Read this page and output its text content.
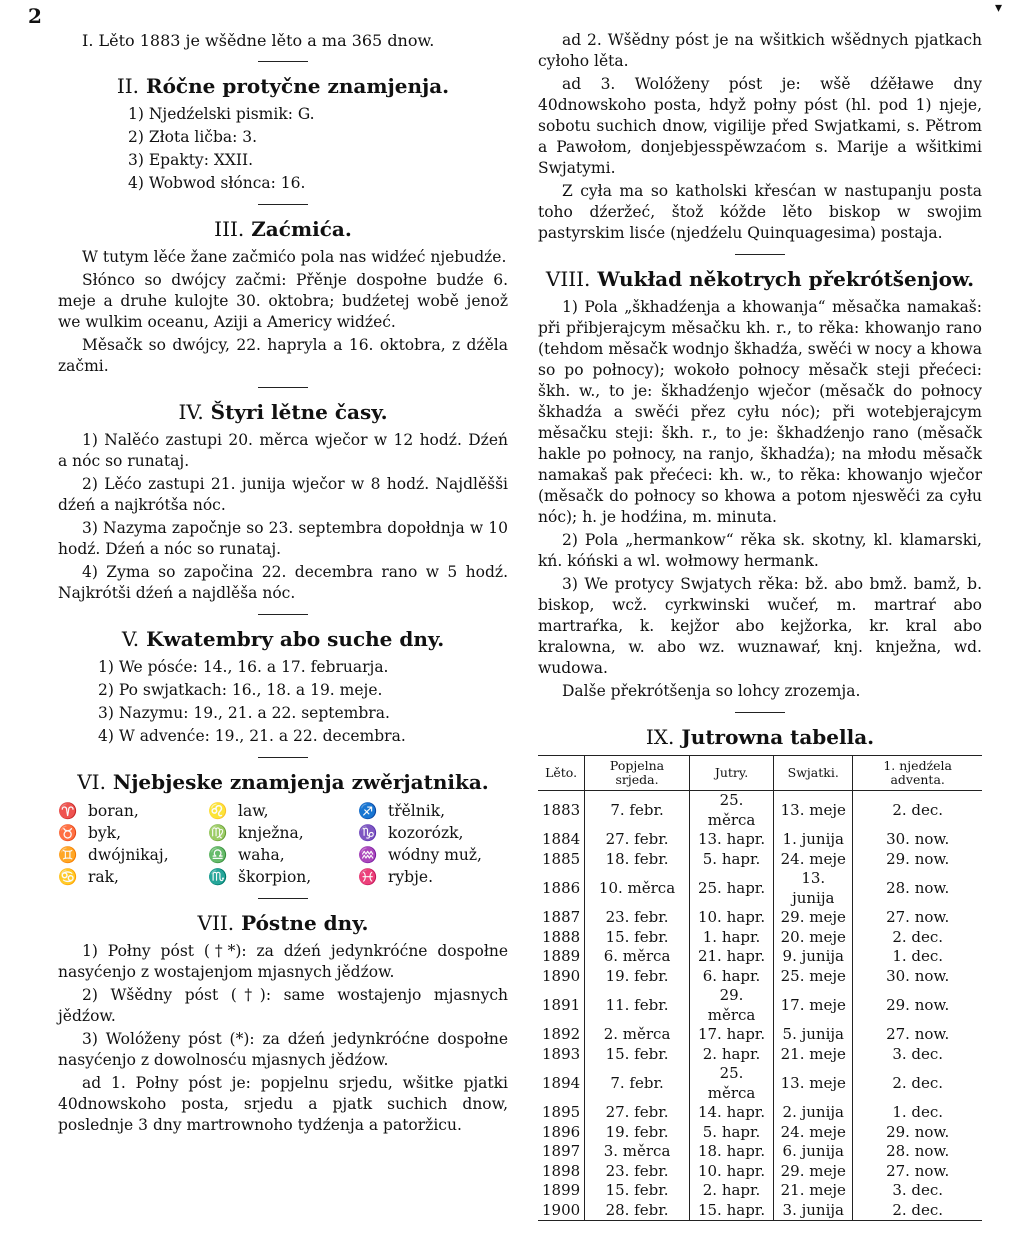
2	▾

I. Lěto 1883 je wšědne lěto a ma 365 dnow.

II. Róčne protyčne znamjenja.

1) Njedźelski pismik: G.

2) Złota ličba: 3.

3) Epakty: XXII.

4) Wobwod słónca: 16.

III. Zaćmića.

W tutym lěće žane začmićo pola nas widźeć njebudźe.

Słónco so dwójcy začmi: Přěnje dospołne budźe 6. meje a druhe kulojte 30. oktobra; budźetej wobě jenož we wulkim oceanu, Aziji a Americy widźeć.

Měsačk so dwójcy, 22. hapryla a 16. oktobra, z dźěla začmi.

IV. Štyri lětne časy.

1) Nalěćo zastupi 20. měrca wječor w 12 hodź. Dźeń a nóc so runataj.

2) Lěćo zastupi 21. junija wječor w 8 hodź. Najdlěšši dźeń a najkrótša nóc.

3) Nazyma započnje so 23. septembra dopołdnja w 10 hodź. Dźeń a nóc so runataj.

4) Zyma so započina 22. decembra rano w 5 hodź. Najkrótši dźeń a najdlěša nóc.

V. Kwatembry abo suche dny.

1) We pósće: 14., 16. a 17. februarja.

2) Po swjatkach: 16., 18. a 19. meje.

3) Nazymu: 19., 21. a 22. septembra.

4) W advenće: 19., 21. a 22. decembra.

VI. Njebjeske znamjenja zwěrjatnika.
♈ boran,	♌ law,	♐ třělnik,
♉ byk,	♍ knježna,	♑ kozorózk,
♊ dwójnikaj,	♎ waha,	♒ wódny muž,
♋ rak,	♏ škorpion,	♓ rybje.
VII. Póstne dny.

1) Połny póst (†*): za dźeń jedynkróćne dospołne nasyćenjo z wostajenjom mjasnych jědźow.

2) Wšědny póst (†): same wostajenjo mjasnych jědźow.

3) Wolóženy póst (*): za dźeń jedynkróćne dospołne nasyćenjo z dowolnosću mjasnych jědźow.

ad 1. Połny póst je: popjelnu srjedu, wšitke pjatki 40dnowskoho posta, srjedu a pjatk suchich dnow, poslednje 3 dny martrownoho tydźenja a patoržicu.

ad 2. Wšědny póst je na wšitkich wšědnych pjatkach cyłoho lěta.

ad 3. Wolóženy póst je: wšě dźěławe dny 40dnowskoho posta, hdyž połny póst (hl. pod 1) njeje, sobotu suchich dnow, vigilije před Swjatkami, s. Pětrom a Pawołom, donjebjesspěwzaćom s. Marije a wšitkimi Swjatymi.

Z cyła ma so katholski křesćan w nastupanju posta toho dźeržeć, štož kóžde lěto biskop w swojim pastyrskim lisće (njedźelu Quinquagesima) postaja.

VIII. Wukład někotrych překrótšenjow.

1) Pola „škhadźenja a khowanja“ měsačka namakaš: při přibjerajcym měsačku kh. r., to rěka: khowanjo rano (tehdom měsačk wodnjo škhadźa, swěći w nocy a khowa so po połnocy); wokoło połnocy měsačk steji přećeci: škh. w., to je: škhadźenjo wječor (měsačk do połnocy škhadźa a swěći přez cyłu nóc); při wotebjerajcym měsačku steji: škh. r., to je: škhadźenjo rano (měsačk hakle po połnocy, na ranjo, škhadźa); na młodu měsačk namakaš pak přećeci: kh. w., to rěka: khowanjo wječor (měsačk do połnocy so khowa a potom njeswěći za cyłu nóc); h. je hodźina, m. minuta.

2) Pola „hermankow“ rěka sk. skotny, kl. klamarski, kń. kóński a wl. wołmowy hermank.

3) We protycy Swjatych rěka: bž. abo bmž. bamž, b. biskop, wcž. cyrkwinski wučeŕ, m. martraŕ abo martraŕka, k. kejžor abo kejžorka, kr. kral abo kralowna, w. abo wz. wuznawaŕ, knj. knježna, wd. wudowa.

Dalše překrótšenja so lohcy zrozemja.

IX. Jutrowna tabella.
Lěto.	Popjelna srjeda.	Jutry.	Swjatki.	1. njedźela adventa.
1883	7. febr.	25. měrca	13. meje	2. dec.
1884	27. febr.	13. hapr.	1. junija	30. now.
1885	18. febr.	5. hapr.	24. meje	29. now.
1886	10. měrca	25. hapr.	13. junija	28. now.
1887	23. febr.	10. hapr.	29. meje	27. now.
1888	15. febr.	1. hapr.	20. meje	2. dec.
1889	6. měrca	21. hapr.	9. junija	1. dec.
1890	19. febr.	6. hapr.	25. meje	30. now.
1891	11. febr.	29. měrca	17. meje	29. now.
1892	2. měrca	17. hapr.	5. junija	27. now.
1893	15. febr.	2. hapr.	21. meje	3. dec.
1894	7. febr.	25. měrca	13. meje	2. dec.
1895	27. febr.	14. hapr.	2. junija	1. dec.
1896	19. febr.	5. hapr.	24. meje	29. now.
1897	3. měrca	18. hapr.	6. junija	28. now.
1898	23. febr.	10. hapr.	29. meje	27. now.
1899	15. febr.	2. hapr.	21. meje	3. dec.
1900	28. febr.	15. hapr.	3. junija	2. dec.
